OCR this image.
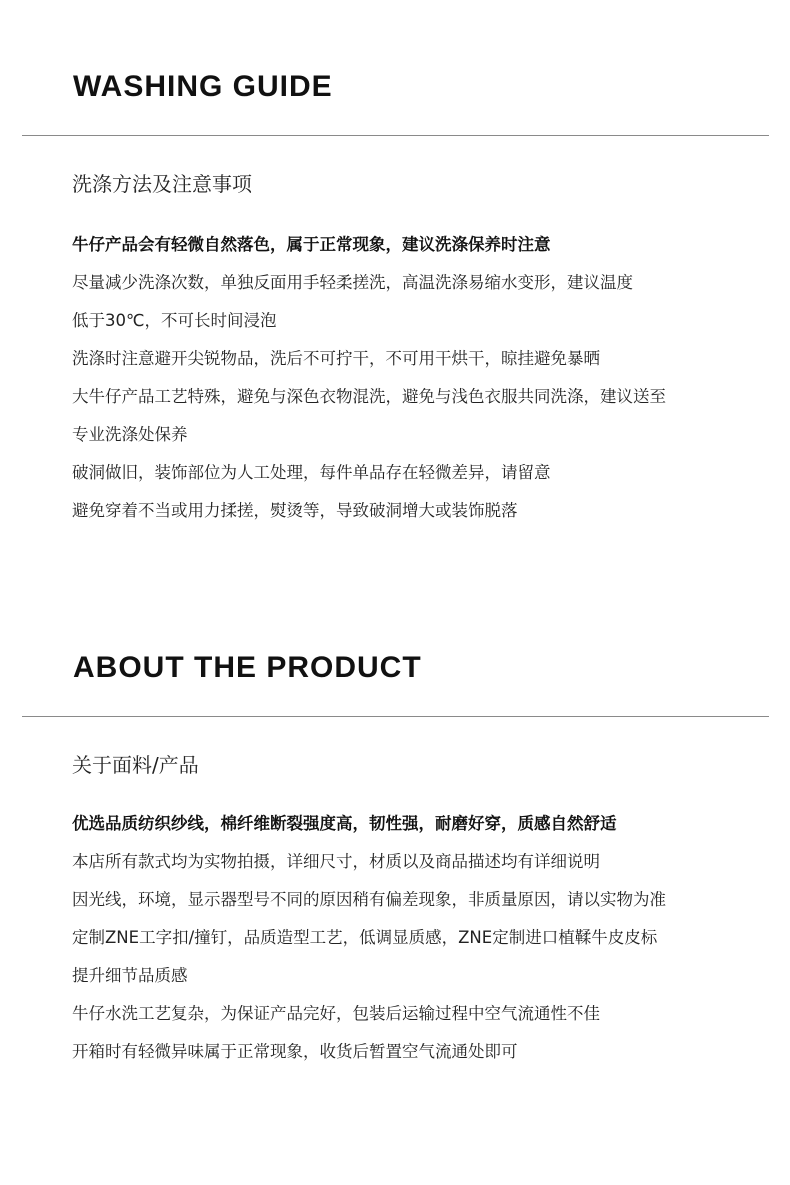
WASHING GUIDE
洗涤方法及注意事项
牛仔产品会有轻微自然落色，属于正常现象，建议洗涤保养时注意
尽量减少洗涤次数，单独反面用手轻柔搓洗，高温洗涤易缩水变形，建议温度
低于30℃，不可长时间浸泡
洗涤时注意避开尖锐物品，洗后不可拧干，不可用干烘干，晾挂避免暴晒
大牛仔产品工艺特殊，避免与深色衣物混洗，避免与浅色衣服共同洗涤，建议送至
专业洗涤处保养
破洞做旧，装饰部位为人工处理，每件单品存在轻微差异，请留意
避免穿着不当或用力揉搓，熨烫等，导致破洞增大或装饰脱落
ABOUT THE PRODUCT
关于面料/产品
优选品质纺织纱线，棉纤维断裂强度高，韧性强，耐磨好穿，质感自然舒适
本店所有款式均为实物拍摄，详细尺寸，材质以及商品描述均有详细说明
因光线，环境，显示器型号不同的原因稍有偏差现象，非质量原因，请以实物为准
定制ZNE工字扣/撞钉，品质造型工艺，低调显质感，ZNE定制进口植鞣牛皮皮标
提升细节品质感
牛仔水洗工艺复杂，为保证产品完好，包装后运输过程中空气流通性不佳
开箱时有轻微异味属于正常现象，收货后暂置空气流通处即可
